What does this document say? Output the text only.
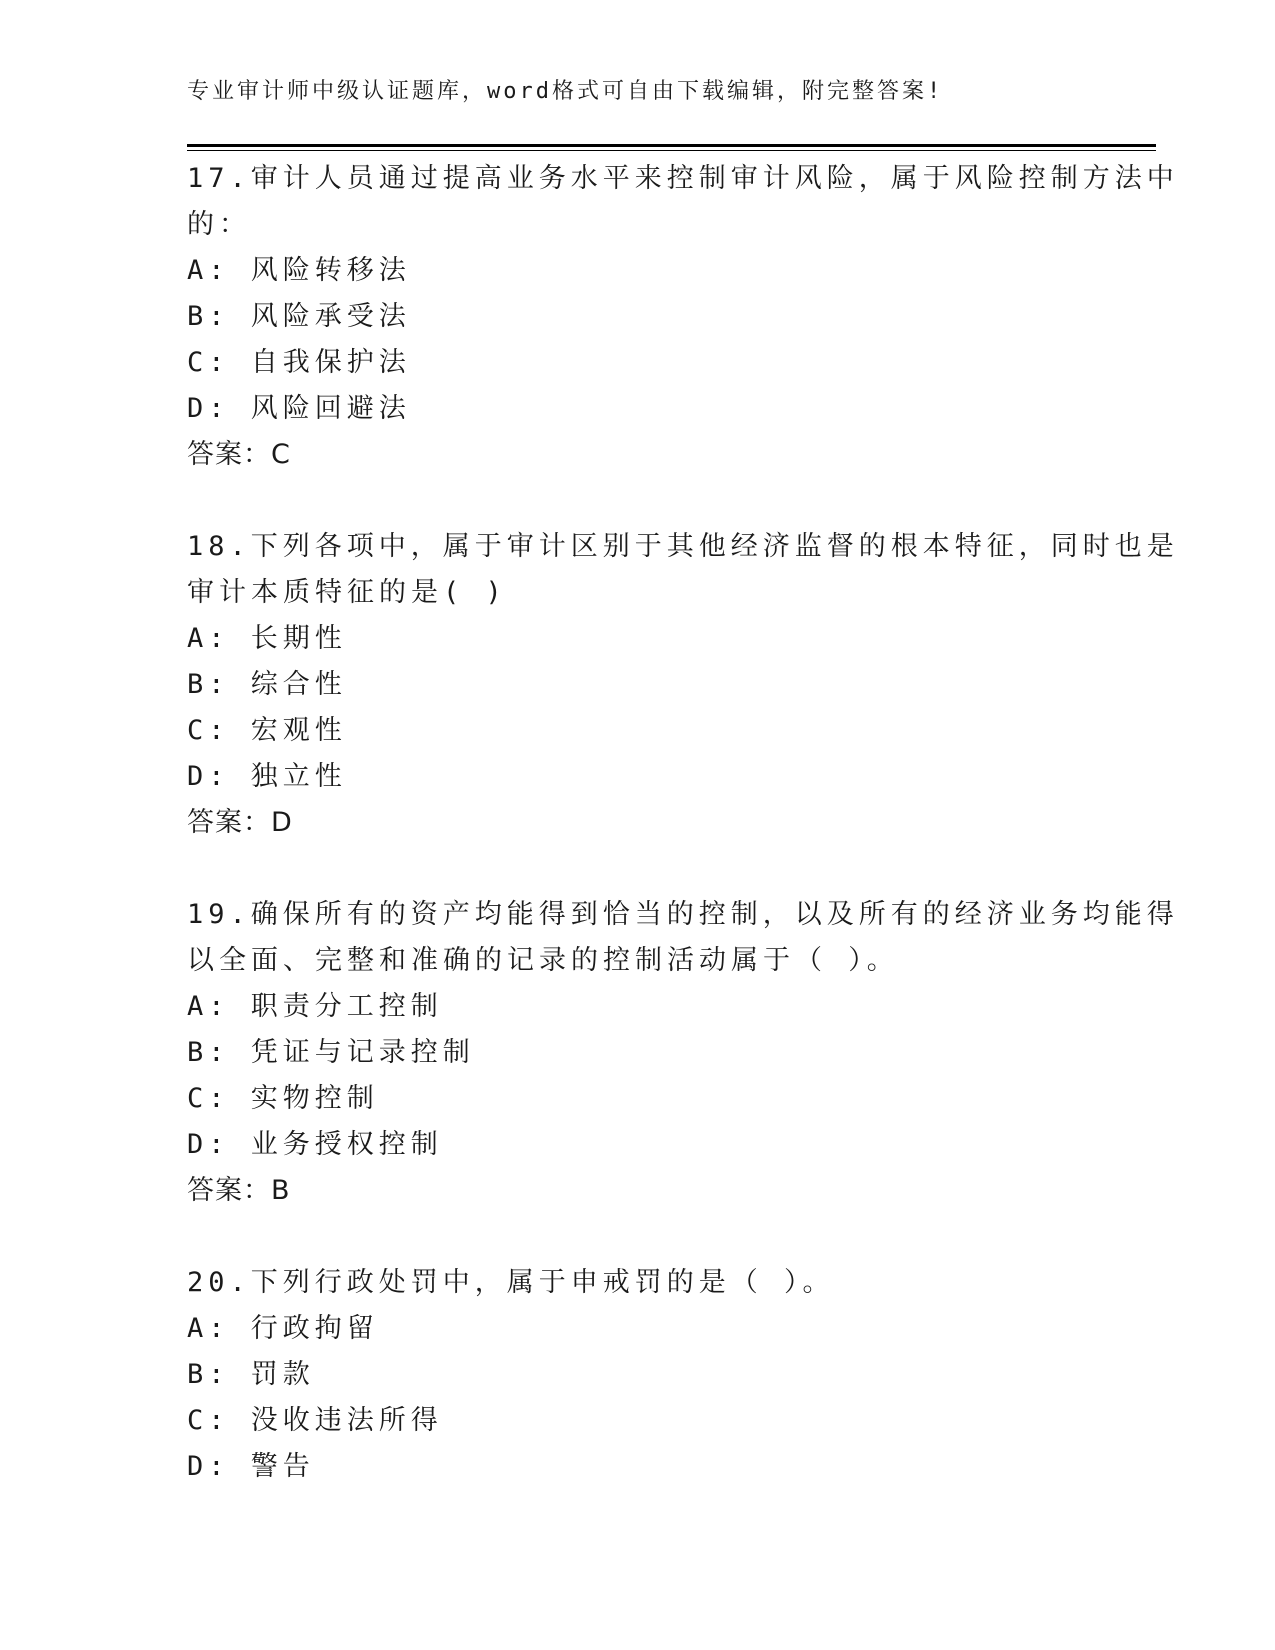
专业审计师中级认证题库，word格式可自由下载编辑，附完整答案!
17.审计人员通过提高业务水平来控制审计风险，属于风险控制方法中
的：
A: 风险转移法
B: 风险承受法
C: 自我保护法
D: 风险回避法
答案：C
18.下列各项中，属于审计区别于其他经济监督的根本特征，同时也是
审计本质特征的是( )
A: 长期性
B: 综合性
C: 宏观性
D: 独立性
答案：D
19.确保所有的资产均能得到恰当的控制，以及所有的经济业务均能得
以全面、完整和准确的记录的控制活动属于（ ）。
A: 职责分工控制
B: 凭证与记录控制
C: 实物控制
D: 业务授权控制
答案：B
20.下列行政处罚中，属于申戒罚的是（ ）。
A: 行政拘留
B: 罚款
C: 没收违法所得
D: 警告
